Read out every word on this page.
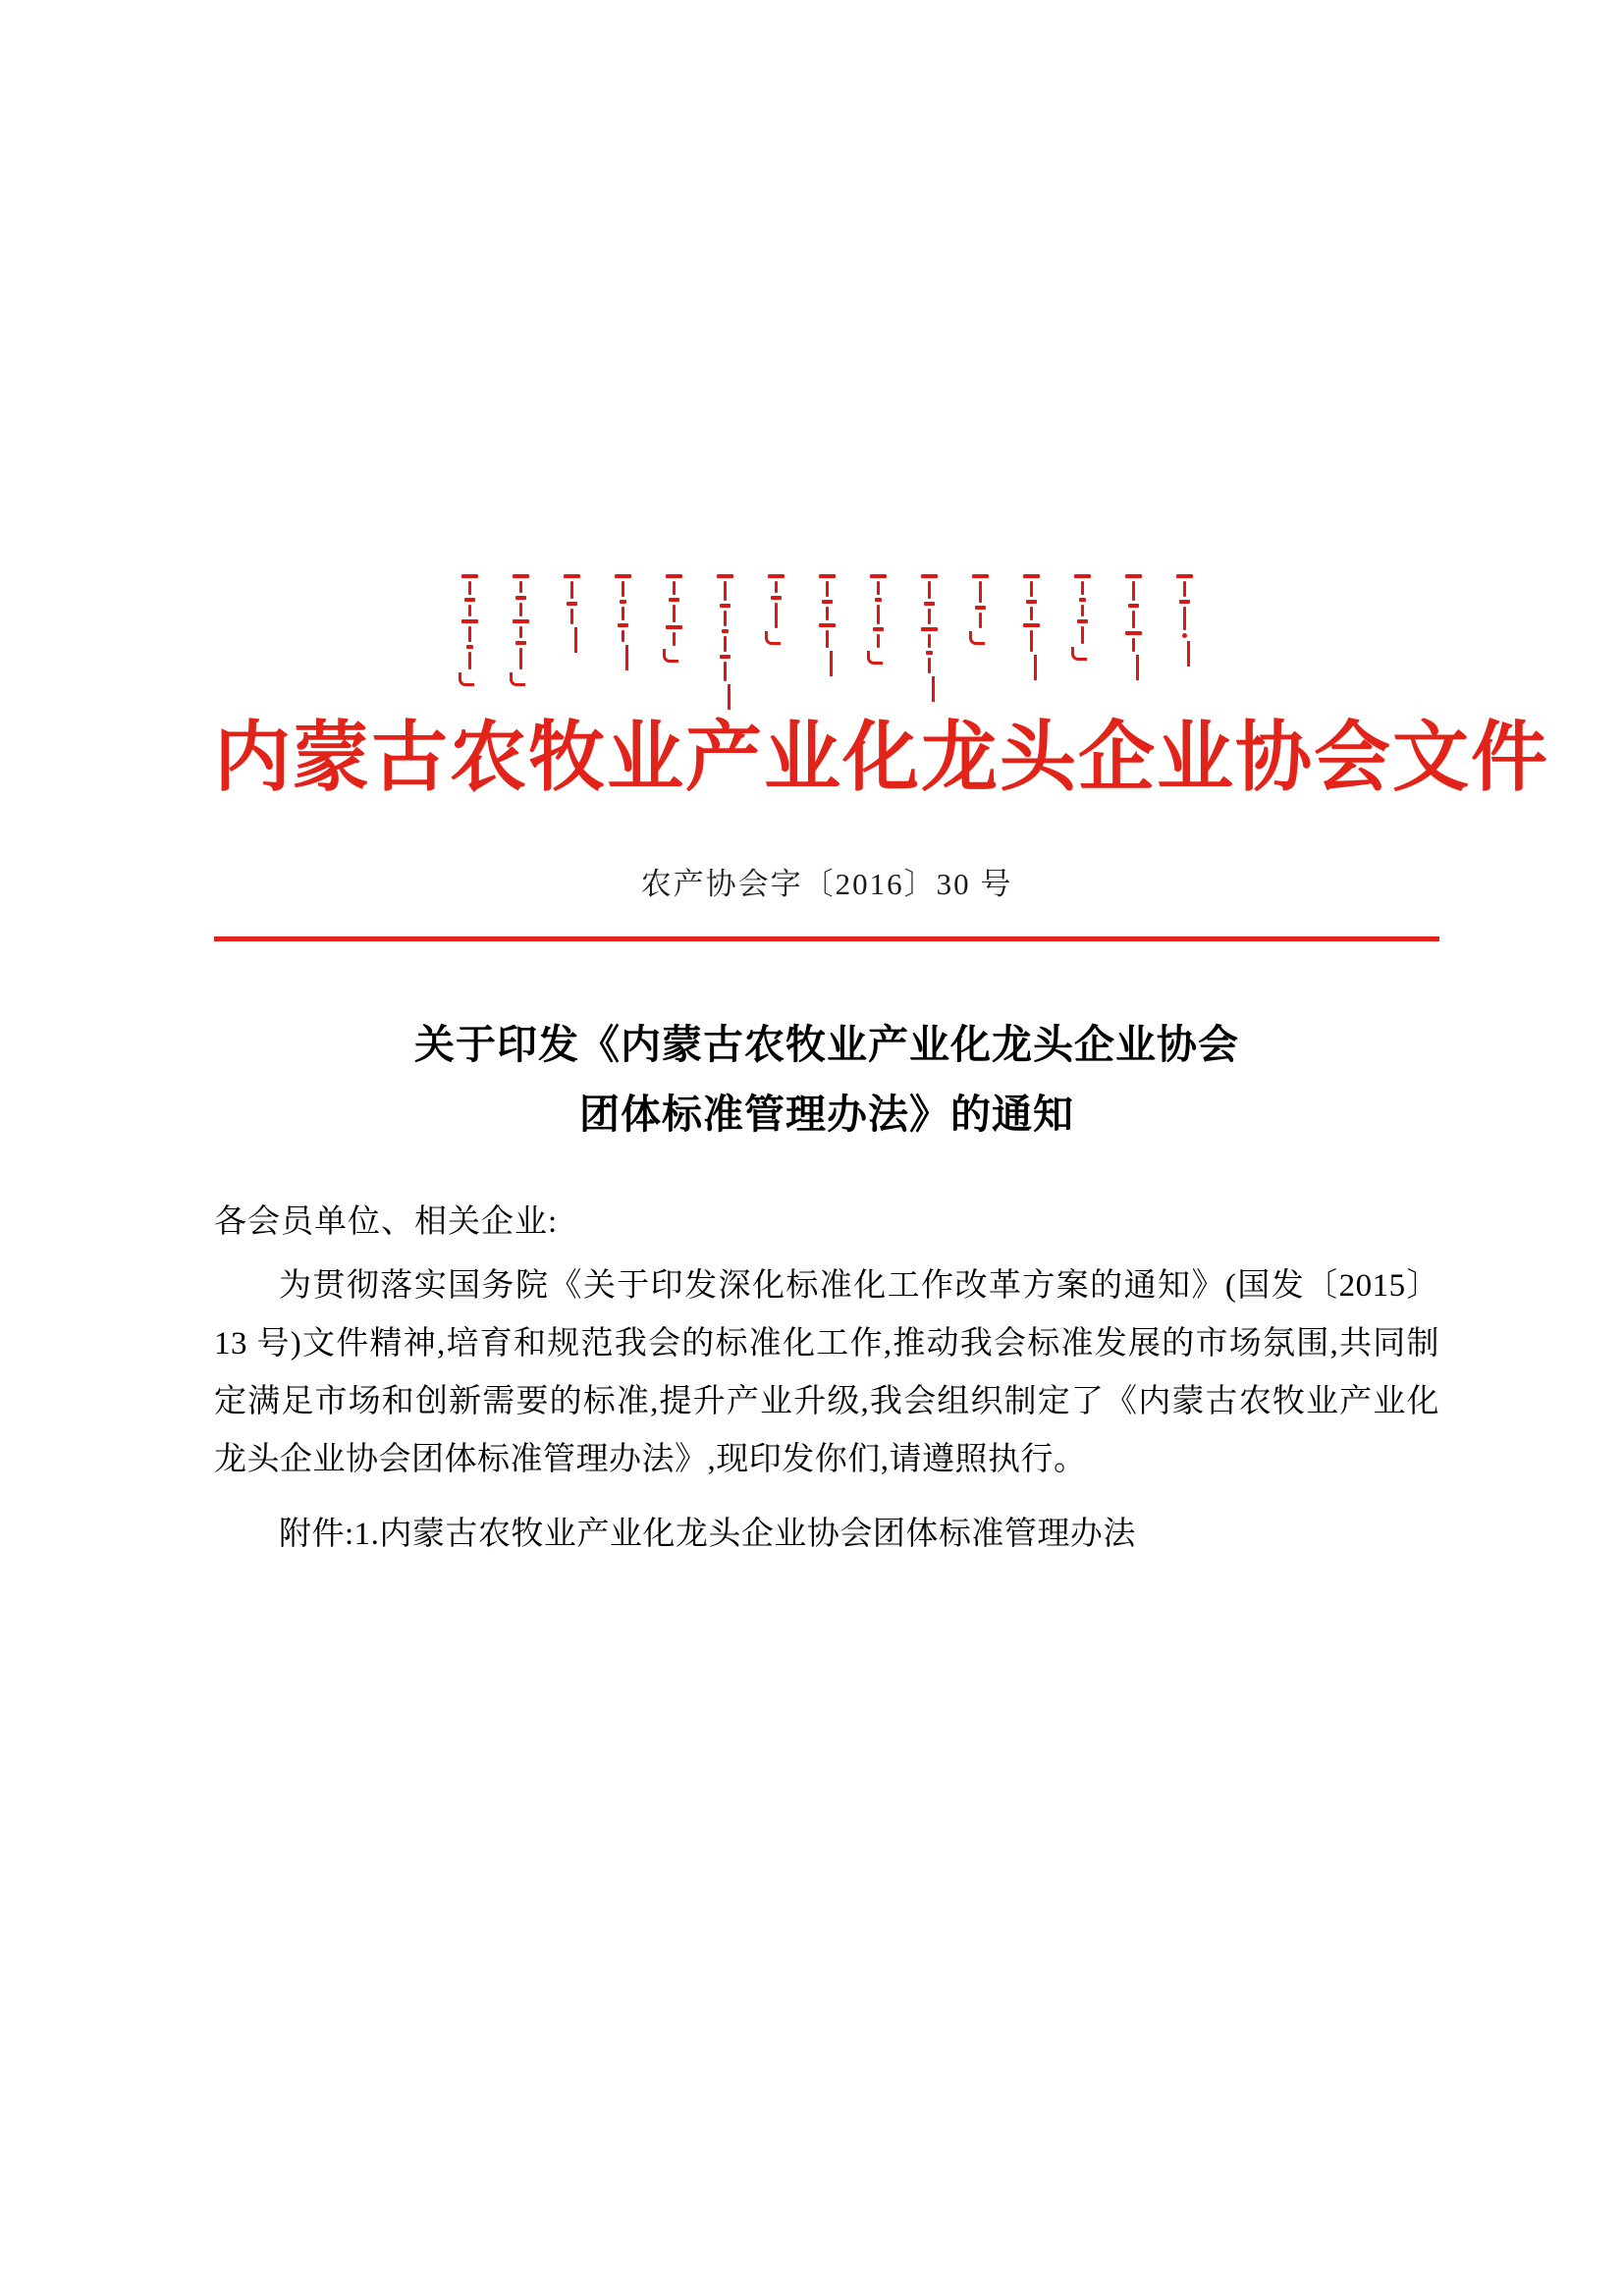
内蒙古农牧业产业化龙头企业协会文件
农产协会字〔2016〕30 号
关于印发《内蒙古农牧业产业化龙头企业协会
团体标准管理办法》的通知
各会员单位、相关企业:
为贯彻落实国务院《关于印发深化标准化工作改革方案的通知》(国发〔2015〕13 号)文件精神,培育和规范我会的标准化工作,推动我会标准发展的市场氛围,共同制定满足市场和创新需要的标准,提升产业升级,我会组织制定了《内蒙古农牧业产业化龙头企业协会团体标准管理办法》,现印发你们,请遵照执行。
附件:1.内蒙古农牧业产业化龙头企业协会团体标准管理办法
